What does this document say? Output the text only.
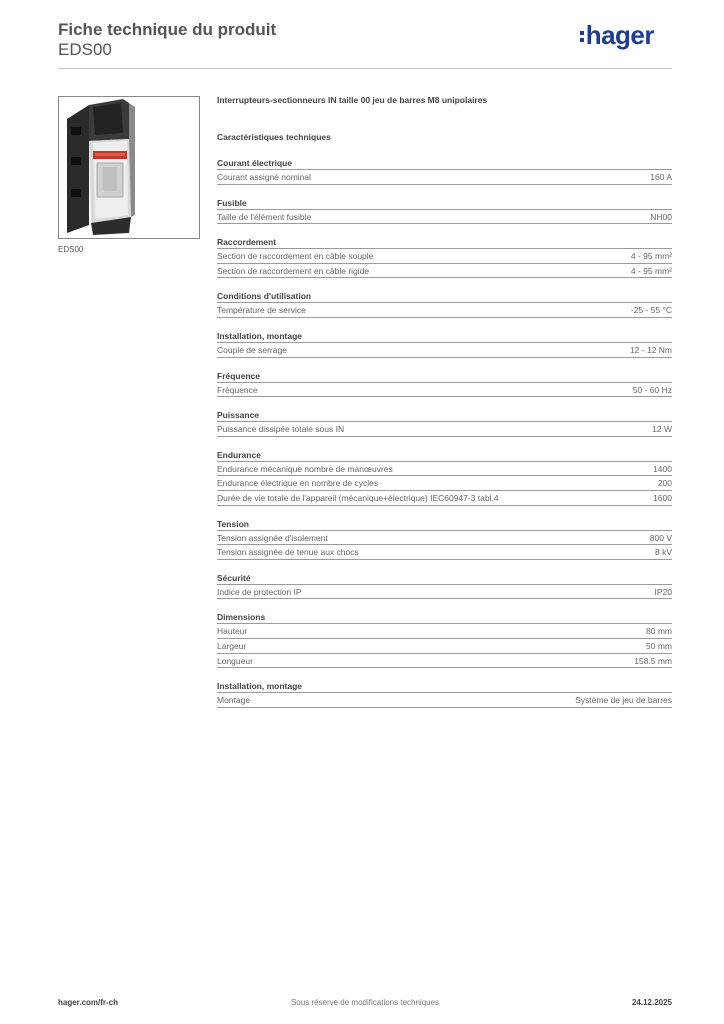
Fiche technique du produit
EDS00	hager
EDS00
Interrupteurs-sectionneurs IN taille 00 jeu de barres M8 unipolaires
Caractéristiques techniques
Courant électrique
Courant assigné nominal	160 A
Fusible
Taille de l'élément fusible	NH00
Raccordement
Section de raccordement en câble souple	4 - 95 mm²
Section de raccordement en câble rigide	4 - 95 mm²
Conditions d'utilisation
Température de service	-25 - 55 °C
Installation, montage
Couple de serrage	12 - 12 Nm
Fréquence
Fréquence	50 - 60 Hz
Puissance
Puissance dissipée totale sous IN	12 W
Endurance
Endurance mécanique nombre de manœuvres	1400
Endurance électrique en nombre de cycles	200
Durée de vie totale de l'appareil (mécanique+électrique) IEC60947-3 tabl.4	1600
Tension
Tension assignée d'isolement	800 V
Tension assignée de tenue aux chocs	8 kV
Sécurité
Indice de protection IP	IP20
Dimensions
Hauteur	80 mm
Largeur	50 mm
Longueur	158.5 mm
Installation, montage
Montage	Système de jeu de barres
hager.com/fr-ch	Sous réserve de modifications techniques	24.12.2025
